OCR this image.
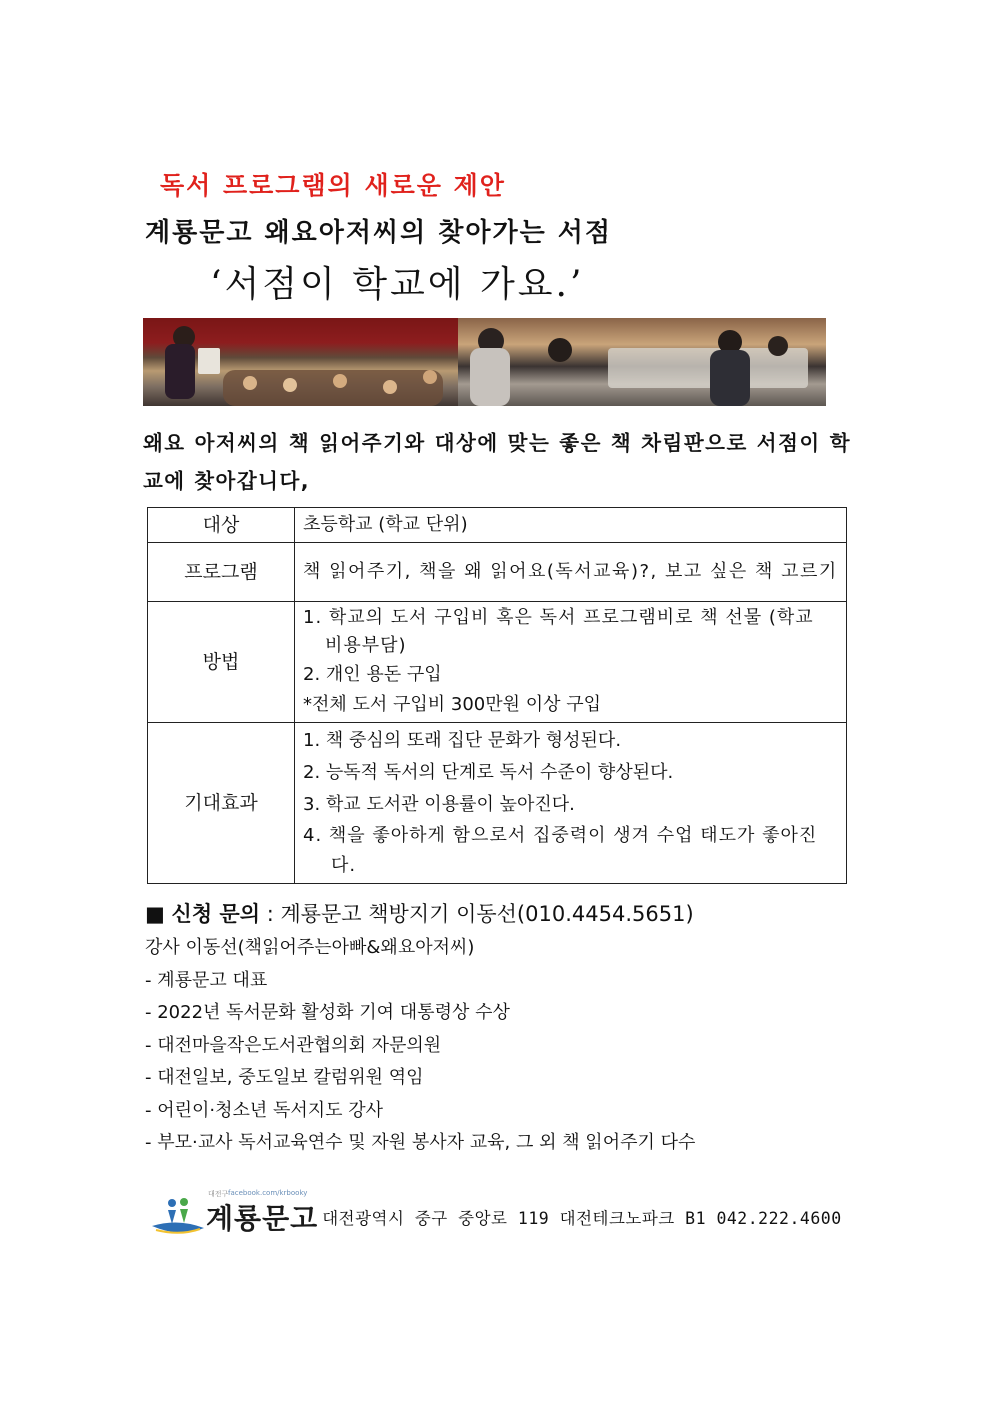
독서 프로그램의 새로운 제안
계룡문고 왜요아저씨의 찾아가는 서점
‘서점이 학교에 가요.’
왜요 아저씨의 책 읽어주기와 대상에 맞는 좋은 책 차림판으로 서점이 학교에 찾아갑니다,
대상	초등학교 (학교 단위)
프로그램	책 읽어주기, 책을 왜 읽어요(독서교육)?, 보고 싶은 책 고르기
방법	1. 학교의 도서 구입비 혹은 독서 프로그램비로 책 선물 (학교 비용부담)
2. 개인 용돈 구입
*전체 도서 구입비 300만원 이상 구입

기대효과	1. 책 중심의 또래 집단 문화가 형성된다.
2. 능독적 독서의 단계로 독서 수준이 향상된다.
3. 학교 도서관 이용률이 높아진다.
4. 책을 좋아하게 함으로서 집중력이 생겨 수업 태도가 좋아진다.
■ 신청 문의 : 계룡문고 책방지기 이동선(010.4454.5651)
강사 이동선(책읽어주는아빠&왜요아저씨)
- 계룡문고 대표
- 2022년 독서문화 활성화 기여 대통령상 수상
- 대전마을작은도서관협의회 자문의원
- 대전일보, 중도일보 칼럼위원 역임
- 어린이·청소년 독서지도 강사
- 부모·교사 독서교육연수 및 자원 봉사자 교육, 그 외 책 읽어주기 다수
대전구 facebook.com/krbooky
계룡문고 대전광역시 중구 중앙로 119 대전테크노파크 B1 042.222.4600
